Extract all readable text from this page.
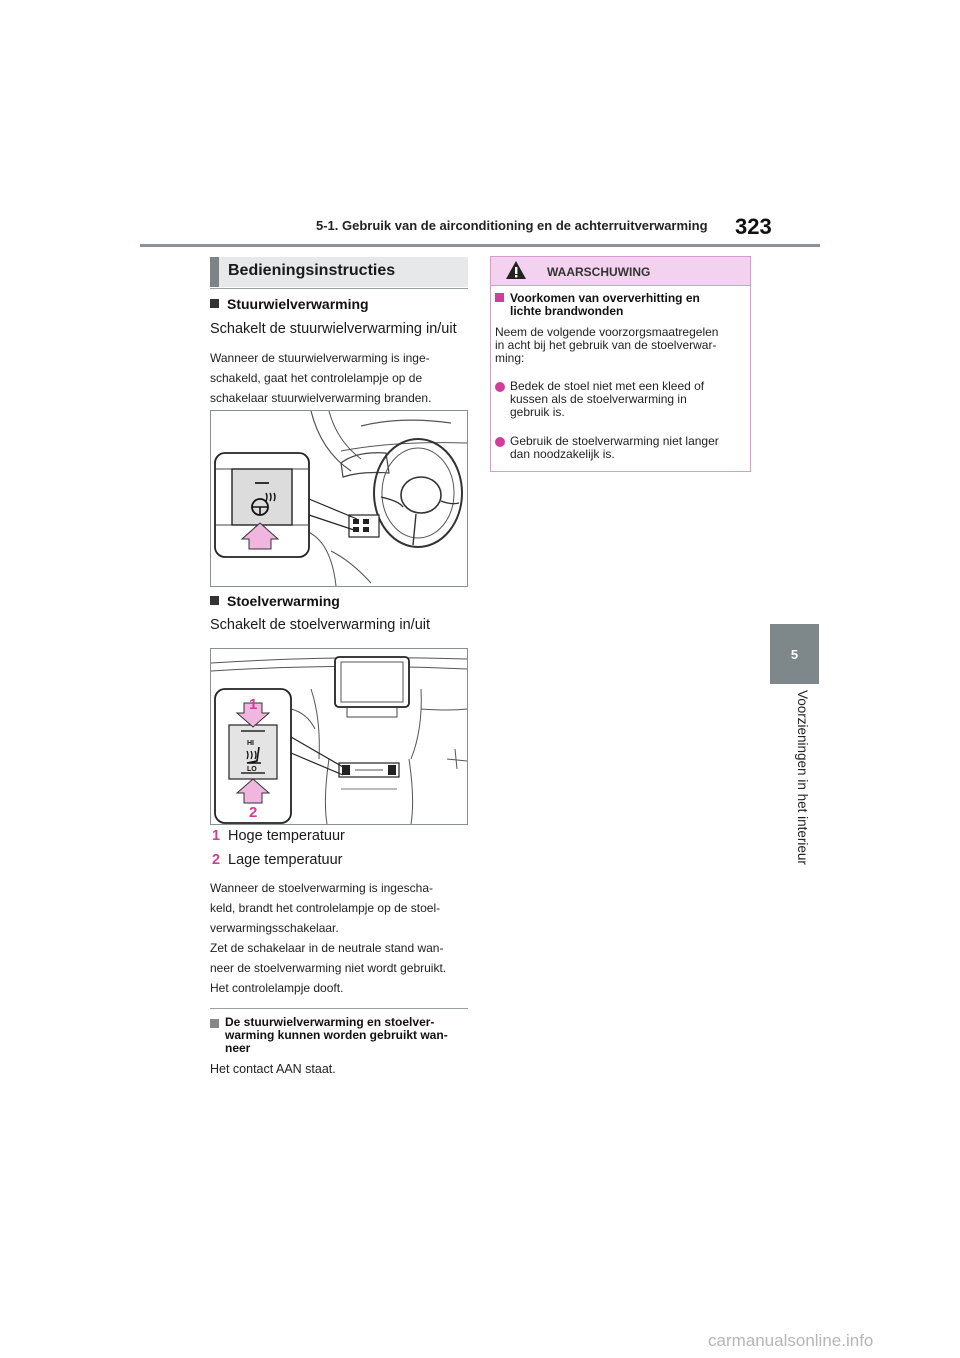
5-1. Gebruik van de airconditioning en de achterruitverwarming 323
5
Voorzieningen in het interieur
Bedieningsinstructies
Stuurwielverwarming
Schakelt de stuurwielverwarming in/uit
Wanneer de stuurwielverwarming is inge-
schakeld, gaat het controlelampje op de
schakelaar stuurwielverwarming branden.
Stoelverwarming
Schakelt de stoelverwarming in/uit
1
2
HI
LO
1 Hoge temperatuur
2 Lage temperatuur
Wanneer de stoelverwarming is ingescha-
keld, brandt het controlelampje op de stoel-
verwarmingsschakelaar.
Zet de schakelaar in de neutrale stand wan-
neer de stoelverwarming niet wordt gebruikt.
Het controlelampje dooft.
De stuurwielverwarming en stoelver-
warming kunnen worden gebruikt wan-
neer
Het contact AAN staat.
WAARSCHUWING
Voorkomen van oververhitting en
lichte brandwonden
Neem de volgende voorzorgsmaatregelen
in acht bij het gebruik van de stoelverwar-
ming:
Bedek de stoel niet met een kleed of
kussen als de stoelverwarming in
gebruik is.
Gebruik de stoelverwarming niet langer
dan noodzakelijk is.
carmanualsonline.info
